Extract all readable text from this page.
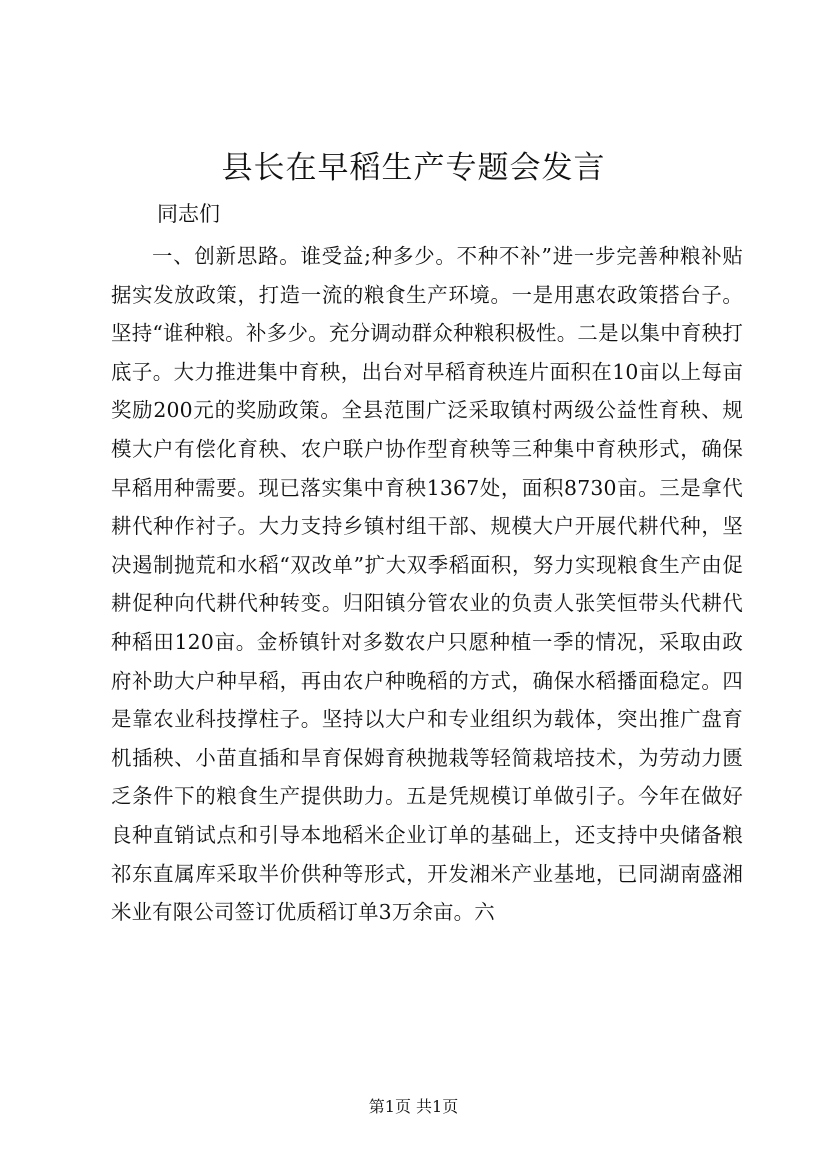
县长在早稻生产专题会发言

同志们

一、创新思路。谁受益;种多少。不种不补”进一步完善种粮补贴据实发放政策，打造一流的粮食生产环境。一是用惠农政策搭台子。坚持“谁种粮。补多少。充分调动群众种粮积极性。二是以集中育秧打底子。大力推进集中育秧，出台对早稻育秧连片面积在10亩以上每亩奖励200元的奖励政策。全县范围广泛采取镇村两级公益性育秧、规模大户有偿化育秧、农户联户协作型育秧等三种集中育秧形式，确保早稻用种需要。现已落实集中育秧1367处，面积8730亩。三是拿代耕代种作衬子。大力支持乡镇村组干部、规模大户开展代耕代种，坚决遏制抛荒和水稻“双改单”扩大双季稻面积，努力实现粮食生产由促耕促种向代耕代种转变。归阳镇分管农业的负责人张笑恒带头代耕代种稻田120亩。金桥镇针对多数农户只愿种植一季的情况，采取由政府补助大户种早稻，再由农户种晚稻的方式，确保水稻播面稳定。四是靠农业科技撑柱子。坚持以大户和专业组织为载体，突出推广盘育机插秧、小苗直插和旱育保姆育秧抛栽等轻简栽培技术，为劳动力匮乏条件下的粮食生产提供助力。五是凭规模订单做引子。今年在做好良种直销试点和引导本地稻米企业订单的基础上，还支持中央储备粮祁东直属库采取半价供种等形式，开发湘米产业基地，已同湖南盛湘米业有限公司签订优质稻订单3万余亩。六

第1页 共1页
